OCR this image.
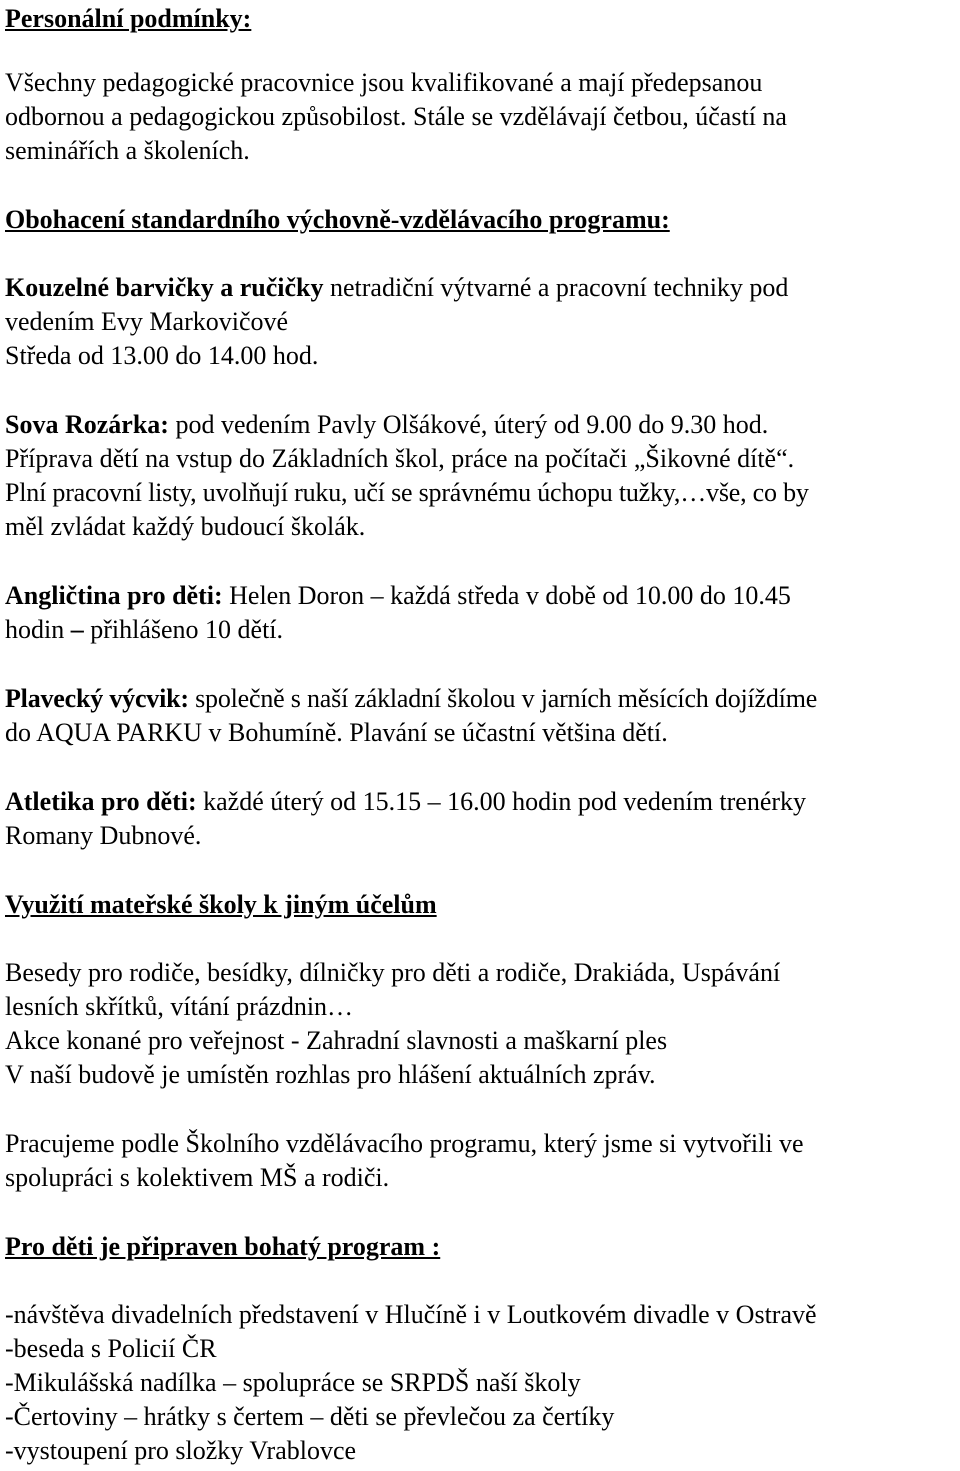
Personální podmínky:
Všechny pedagogické pracovnice jsou kvalifikované a mají předepsanou
odbornou a pedagogickou způsobilost. Stále se vzdělávají četbou, účastí na
seminářích a školeních.
Obohacení standardního výchovně-vzdělávacího programu:
Kouzelné barvičky a ručičky netradiční výtvarné a pracovní techniky pod
vedením Evy Markovičové
Středa od 13.00 do 14.00 hod.
Sova Rozárka: pod vedením Pavly Olšákové, úterý od 9.00 do 9.30 hod.
Příprava dětí na vstup do Základních škol, práce na počítači „Šikovné dítě“.
Plní pracovní listy, uvolňují ruku, učí se správnému úchopu tužky,…vše, co by
měl zvládat každý budoucí školák.
Angličtina pro děti: Helen Doron – každá středa v době od 10.00 do 10.45
hodin – přihlášeno 10 dětí.
Plavecký výcvik: společně s naší základní školou v jarních měsících dojíždíme
do AQUA PARKU v Bohumíně. Plavání se účastní většina dětí.
Atletika pro děti: každé úterý od 15.15 – 16.00 hodin pod vedením trenérky
Romany Dubnové.
Využití mateřské školy k jiným účelům
Besedy pro rodiče, besídky, dílničky pro děti a rodiče, Drakiáda, Uspávání
lesních skřítků, vítání prázdnin…
Akce konané pro veřejnost - Zahradní slavnosti a maškarní ples
V naší budově je umístěn rozhlas pro hlášení aktuálních zpráv.
Pracujeme podle Školního vzdělávacího programu, který jsme si vytvořili ve
spolupráci s kolektivem MŠ a rodiči.
Pro děti je připraven bohatý program :
-návštěva divadelních představení v Hlučíně i v Loutkovém divadle v Ostravě
-beseda s Policií ČR
-Mikulášská nadílka – spolupráce se SRPDŠ naší školy
-Čertoviny – hrátky s čertem – děti se převlečou za čertíky
-vystoupení pro složky Vrablovce
